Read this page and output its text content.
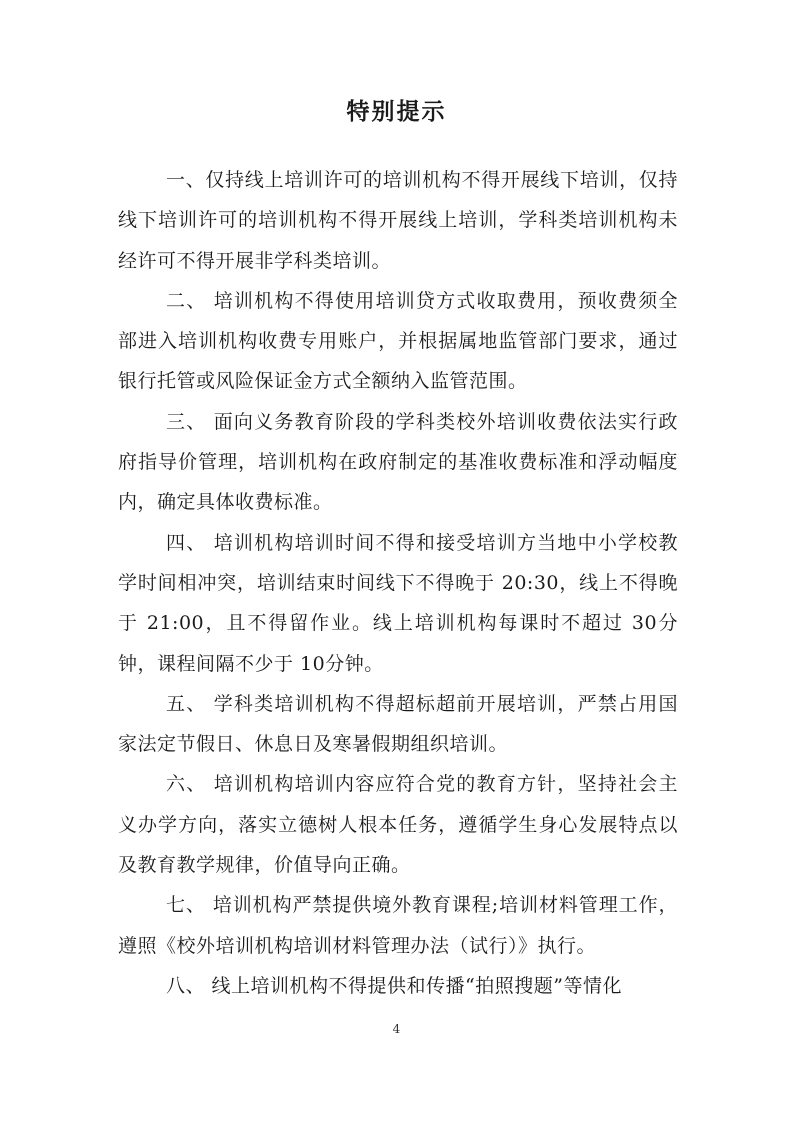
特别提示

一、仅持线上培训许可的培训机构不得开展线下培训，仅持线下培训许可的培训机构不得开展线上培训，学科类培训机构未经许可不得开展非学科类培训。

二、 培训机构不得使用培训贷方式收取费用，预收费须全部进入培训机构收费专用账户，并根据属地监管部门要求，通过银行托管或风险保证金方式全额纳入监管范围。

三、 面向义务教育阶段的学科类校外培训收费依法实行政府指导价管理，培训机构在政府制定的基准收费标准和浮动幅度内，确定具体收费标准。

四、 培训机构培训时间不得和接受培训方当地中小学校教学时间相冲突，培训结束时间线下不得晚于 20:30，线上不得晚于 21:00，且不得留作业。线上培训机构每课时不超过 30分钟，课程间隔不少于 10分钟。

五、 学科类培训机构不得超标超前开展培训，严禁占用国家法定节假日、休息日及寒暑假期组织培训。

六、 培训机构培训内容应符合党的教育方针，坚持社会主义办学方向，落实立德树人根本任务，遵循学生身心发展特点以及教育教学规律，价值导向正确。

七、 培训机构严禁提供境外教育课程;培训材料管理工作，遵照《校外培训机构培训材料管理办法（试行）》执行。

八、 线上培训机构不得提供和传播“拍照搜题”等情化

4
